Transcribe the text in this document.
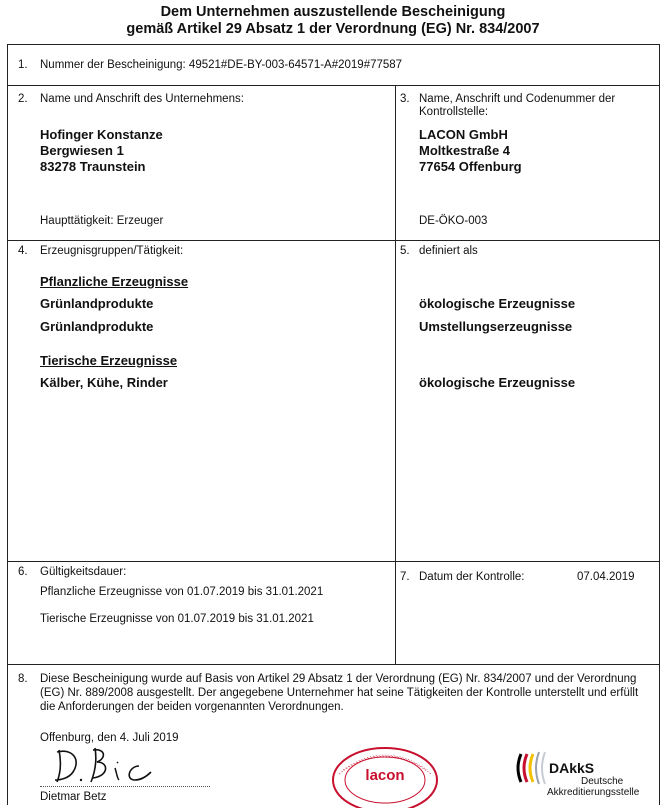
Dem Unternehmen auszustellende Bescheinigung
gemäß Artikel 29 Absatz 1 der Verordnung (EG) Nr. 834/2007
1. Nummer der Bescheinigung: 49521#DE-BY-003-64571-A#2019#77587
2. Name und Anschrift des Unternehmens:
Hofinger Konstanze
Bergwiesen 1
83278 Traunstein
Haupttätigkeit: Erzeuger
3. Name, Anschrift und Codenummer der
Kontrollstelle:
LACON GmbH
Moltkestraße 4
77654 Offenburg
DE-ÖKO-003
4. Erzeugnisgruppen/Tätigkeit:
Pflanzliche Erzeugnisse
Grünlandprodukte
Grünlandprodukte
Tierische Erzeugnisse
Kälber, Kühe, Rinder
5. definiert als
ökologische Erzeugnisse
Umstellungserzeugnisse
ökologische Erzeugnisse
6. Gültigkeitsdauer:
Pflanzliche Erzeugnisse von 01.07.2019 bis 31.01.2021
Tierische Erzeugnisse von 01.07.2019 bis 31.01.2021
7. Datum der Kontrolle:	07.04.2019
8. Diese Bescheinigung wurde auf Basis von Artikel 29 Absatz 1 der Verordnung (EG) Nr. 834/2007 und der Verordnung (EG) Nr. 889/2008 ausgestellt. Der angegebene Unternehmer hat seine Tätigkeiten der Kontrolle unterstellt und erfüllt die Anforderungen der beiden vorgenannten Verordnungen.
Offenburg, den 4. Juli 2019
Dietmar Betz
lacon	DAkkS
Deutsche
Akkreditierungsstelle
